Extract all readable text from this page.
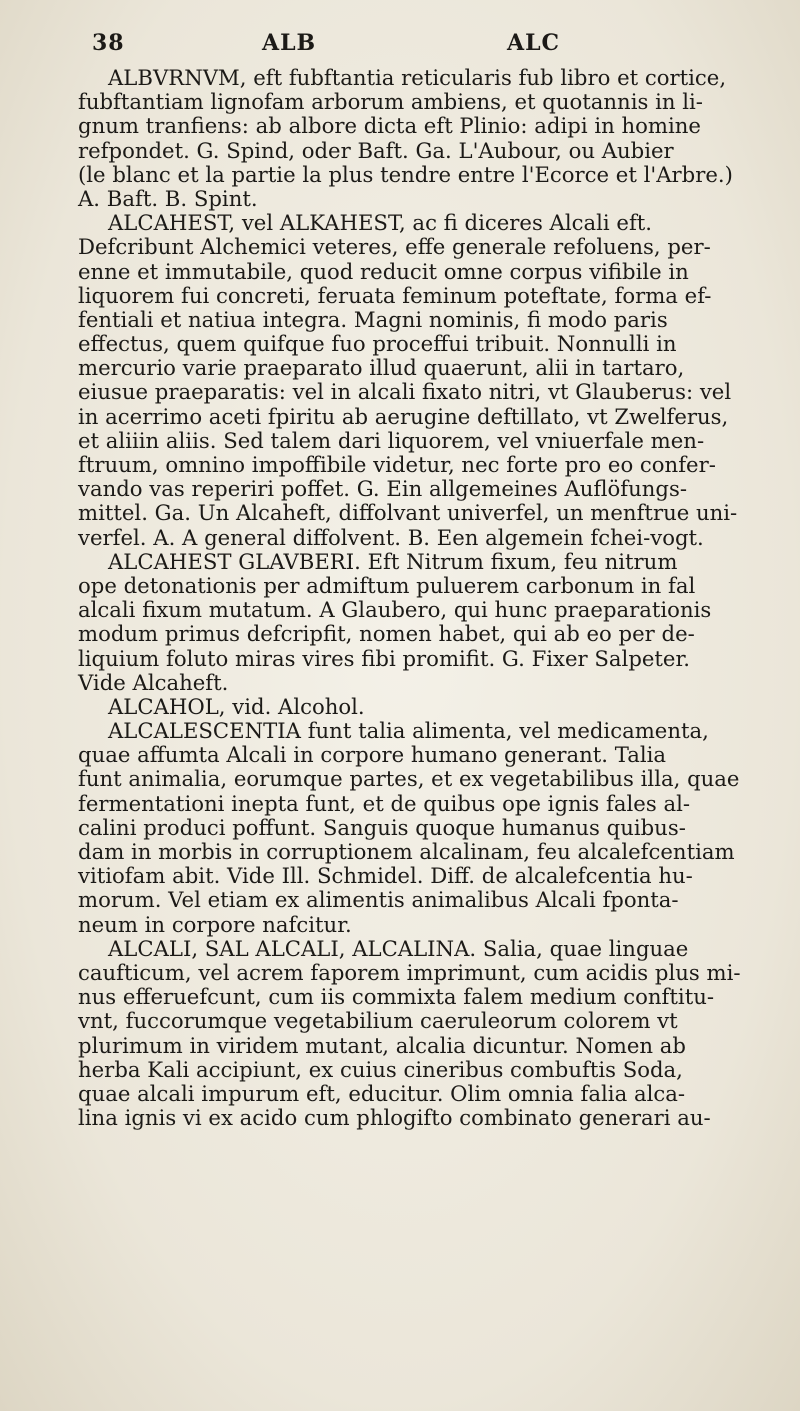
38	ALB	ALC
ALBVRNVM, eft fubftantia reticularis fub libro et cortice,
fubftantiam lignofam arborum ambiens, et quotannis in li-
gnum tranfiens: ab albore dicta eft Plinio: adipi in homine
refpondet. G. Spind, oder Baft. Ga. L'Aubour, ou Aubier
(le blanc et la partie la plus tendre entre l'Ecorce et l'Arbre.)
A. Baft. B. Spint.
ALCAHEST, vel ALKAHEST, ac fi diceres Alcali eft.
Defcribunt Alchemici veteres, effe generale refoluens, per-
enne et immutabile, quod reducit omne corpus vifibile in
liquorem fui concreti, feruata feminum poteftate, forma ef-
fentiali et natiua integra. Magni nominis, fi modo paris
effectus, quem quifque fuo proceffui tribuit. Nonnulli in
mercurio varie praeparato illud quaerunt, alii in tartaro,
eiusue praeparatis: vel in alcali fixato nitri, vt Glauberus: vel
in acerrimo aceti fpiritu ab aerugine deftillato, vt Zwelferus,
et aliiin aliis. Sed talem dari liquorem, vel vniuerfale men-
ftruum, omnino impoffibile videtur, nec forte pro eo confer-
vando vas reperiri poffet. G. Ein allgemeines Auflöfungs-
mittel. Ga. Un Alcaheft, diffolvant univerfel, un menftrue uni-
verfel. A. A general diffolvent. B. Een algemein fchei-vogt.
ALCAHEST GLAVBERI. Eft Nitrum fixum, feu nitrum
ope detonationis per admiftum puluerem carbonum in fal
alcali fixum mutatum. A Glaubero, qui hunc praeparationis
modum primus defcripfit, nomen habet, qui ab eo per de-
liquium foluto miras vires fibi promifit. G. Fixer Salpeter.
Vide Alcaheft.
ALCAHOL, vid. Alcohol.
ALCALESCENTIA funt talia alimenta, vel medicamenta,
quae affumta Alcali in corpore humano generant. Talia
funt animalia, eorumque partes, et ex vegetabilibus illa, quae
fermentationi inepta funt, et de quibus ope ignis fales al-
calini produci poffunt. Sanguis quoque humanus quibus-
dam in morbis in corruptionem alcalinam, feu alcalefcentiam
vitiofam abit. Vide Ill. Schmidel. Diff. de alcalefcentia hu-
morum. Vel etiam ex alimentis animalibus Alcali fponta-
neum in corpore nafcitur.
ALCALI, SAL ALCALI, ALCALINA. Salia, quae linguae
caufticum, vel acrem faporem imprimunt, cum acidis plus mi-
nus efferuefcunt, cum iis commixta falem medium conftitu-
vnt, fuccorumque vegetabilium caeruleorum colorem vt
plurimum in viridem mutant, alcalia dicuntur. Nomen ab
herba Kali accipiunt, ex cuius cineribus combuftis Soda,
quae alcali impurum eft, educitur. Olim omnia falia alca-
lina ignis vi ex acido cum phlogifto combinato generari au-
